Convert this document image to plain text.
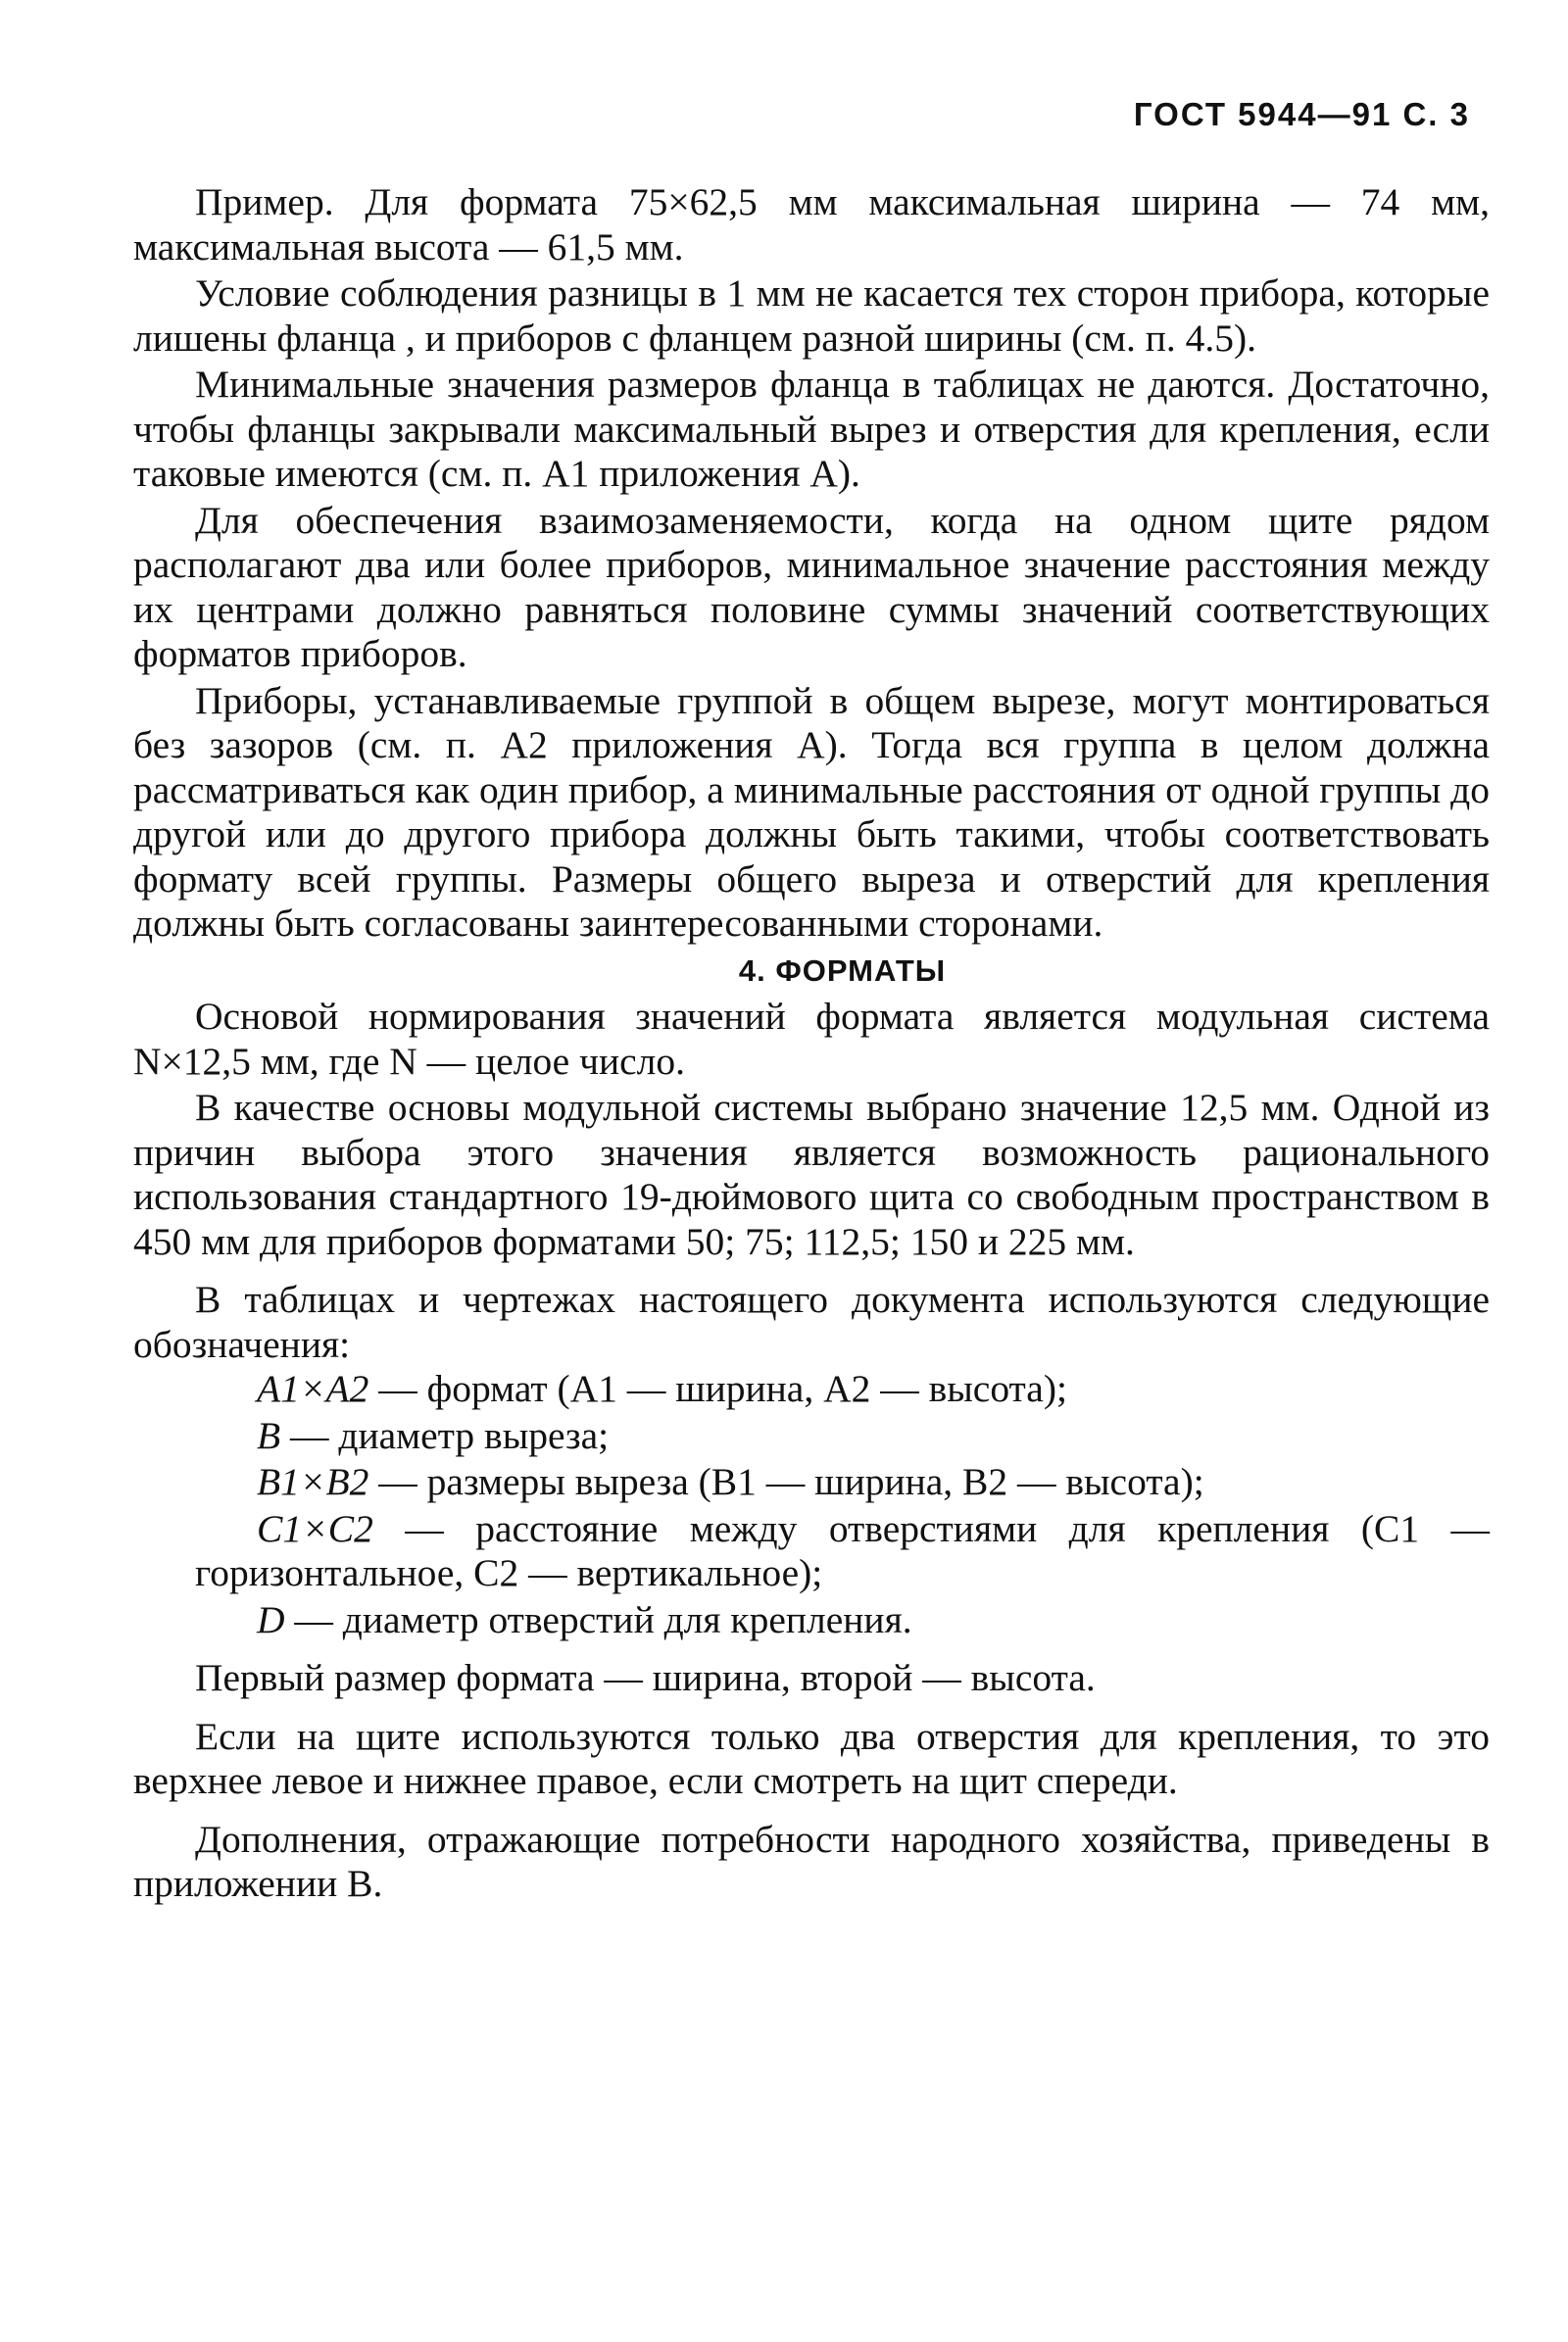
ГОСТ 5944—91 С. 3

Пример. Для формата 75×62,5 мм максимальная ширина — 74 мм, максимальная высота — 61,5 мм.

Условие соблюдения разницы в 1 мм не касается тех сторон прибора, которые лишены фланца , и приборов с фланцем разной ширины (см. п. 4.5).

Минимальные значения размеров фланца в таблицах не даются. Достаточно, чтобы фланцы закрывали максимальный вырез и отверстия для крепления, если таковые имеются (см. п. А1 приложения А).

Для обеспечения взаимозаменяемости, когда на одном щите рядом располагают два или более приборов, минимальное значение расстояния между их центрами должно равняться половине суммы значений соответствующих форматов приборов.

Приборы, устанавливаемые группой в общем вырезе, могут монтироваться без зазоров (см. п. А2 приложения А). Тогда вся группа в целом должна рассматриваться как один прибор, а минимальные расстояния от одной группы до другой или до другого прибора должны быть такими, чтобы соответствовать формату всей группы. Размеры общего выреза и отверстий для крепления должны быть согласованы заинтересованными сторонами.

4. ФОРМАТЫ

Основой нормирования значений формата является модульная система N×12,5 мм, где N — целое число.

В качестве основы модульной системы выбрано значение 12,5 мм. Одной из причин выбора этого значения является возможность рационального использования стандартного 19-дюймового щита со свободным пространством в 450 мм для приборов форматами 50; 75; 112,5; 150 и 225 мм.

В таблицах и чертежах настоящего документа используются следующие обозначения:

A1×A2 — формат (A1 — ширина, A2 — высота);

B — диаметр выреза;

B1×B2 — размеры выреза (B1 — ширина, B2 — высота);

C1×C2 — расстояние между отверстиями для крепления (C1 — горизонтальное, C2 — вертикальное);

D — диаметр отверстий для крепления.

Первый размер формата — ширина, второй — высота.

Если на щите используются только два отверстия для крепления, то это верхнее левое и нижнее правое, если смотреть на щит спереди.

Дополнения, отражающие потребности народного хозяйства, приведены в приложении В.
